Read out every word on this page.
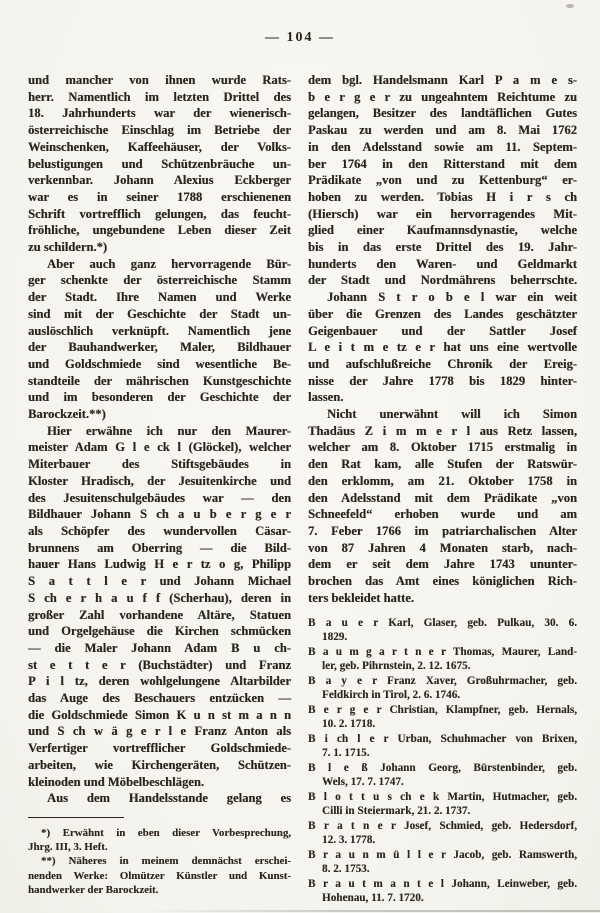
— 104 —
und mancher von ihnen wurde Rats-
herr. Namentlich im letzten Drittel des
18. Jahrhunderts war der wienerisch-
österreichische Einschlag im Betriebe der
Weinschenken, Kaffeehäuser, der Volks-
belustigungen und Schützenbräuche un-
verkennbar. Johann Alexius Eckberger
war es in seiner 1788 erschienenen
Schrift vortrefflich gelungen, das feucht-
fröhliche, ungebundene Leben dieser Zeit
zu schildern.*)
Aber auch ganz hervorragende Bür-
ger schenkte der österreichische Stamm
der Stadt. Ihre Namen und Werke
sind mit der Geschichte der Stadt un-
auslöschlich verknüpft. Namentlich jene
der Bauhandwerker, Maler, Bildhauer
und Goldschmiede sind wesentliche Be-
standteile der mährischen Kunstgeschichte
und im besonderen der Geschichte der
Barockzeit.**)
Hier erwähne ich nur den Maurer-
meister Adam G l e ck l (Glöckel), welcher
Miterbauer des Stiftsgebäudes in
Kloster Hradisch, der Jesuitenkirche und
des Jesuitenschulgebäudes war — den
Bildhauer Johann S ch a u b e r g e r
als Schöpfer des wundervollen Cäsar-
brunnens am Oberring — die Bild-
hauer Hans Ludwig H e r tz o g, Philipp
S a t t l e r und Johann Michael
S ch e r h a u f f (Scherhau), deren in
großer Zahl vorhandene Altäre, Statuen
und Orgelgehäuse die Kirchen schmücken
— die Maler Johann Adam B u ch-
st e t t e r (Buchstädter) und Franz
P i l tz, deren wohlgelungene Altarbilder
das Auge des Beschauers entzücken —
die Goldschmiede Simon K u n st m a n n
und S ch w ä g e r l e Franz Anton als
Verfertiger vortrefflicher Goldschmiede-
arbeiten, wie Kirchengeräten, Schützen-
kleinoden und Möbelbeschlägen.
Aus dem Handelsstande gelang es
*) Erwähnt in eben dieser Vorbesprechung,
Jhrg. III, 3. Heft.
**) Näheres in meinem demnächst erschei-
nenden Werke: Olmützer Künstler und Kunst-
handwerker der Barockzeit.
dem bgl. Handelsmann Karl P a m e s-
b e r g e r zu ungeahntem Reichtume zu
gelangen, Besitzer des landtäflichen Gutes
Paskau zu werden und am 8. Mai 1762
in den Adelsstand sowie am 11. Septem-
ber 1764 in den Ritterstand mit dem
Prädikate „von und zu Kettenburg“ er-
hoben zu werden. Tobias H i r s ch
(Hiersch) war ein hervorragendes Mit-
glied einer Kaufmannsdynastie, welche
bis in das erste Drittel des 19. Jahr-
hunderts den Waren- und Geldmarkt
der Stadt und Nordmährens beherrschte.
Johann S t r o b e l war ein weit
über die Grenzen des Landes geschätzter
Geigenbauer und der Sattler Josef
L e i t m e tz e r hat uns eine wertvolle
und aufschlußreiche Chronik der Ereig-
nisse der Jahre 1778 bis 1829 hinter-
lassen.
Nicht unerwähnt will ich Simon
Thadäus Z i m m e r l aus Retz lassen,
welcher am 8. Oktober 1715 erstmalig in
den Rat kam, alle Stufen der Ratswür-
den erklomm, am 21. Oktober 1758 in
den Adelsstand mit dem Prädikate „von
Schneefeld“ erhoben wurde und am
7. Feber 1766 im patriarchalischen Alter
von 87 Jahren 4 Monaten starb, nach-
dem er seit dem Jahre 1743 ununter-
brochen das Amt eines königlichen Rich-
ters bekleidet hatte.
B a u e r Karl, Glaser, geb. Pulkau, 30. 6.
1829.
B a u m g a r t n e r Thomas, Maurer, Land-
ler, geb. Pihrnstein, 2. 12. 1675.
B a y e r Franz Xaver, Großuhrmacher, geb.
Feldkirch in Tirol, 2. 6. 1746.
B e r g e r Christian, Klampfner, geb. Hernals,
10. 2. 1718.
B i ch l e r Urban, Schuhmacher von Brixen,
7. 1. 1715.
B l e ß Johann Georg, Bürstenbinder, geb.
Wels, 17. 7. 1747.
B l o t t u s ch e k Martin, Hutmacher, geb.
Cilli in Steiermark, 21. 2. 1737.
B r a t n e r Josef, Schmied, geb. Hedersdorf,
12. 3. 1778.
B r a u n m ü l l e r Jacob, geb. Ramswerth,
8. 2. 1753.
B r a u t m a n t e l Johann, Leinweber, geb.
Hohenau, 11. 7. 1720.
